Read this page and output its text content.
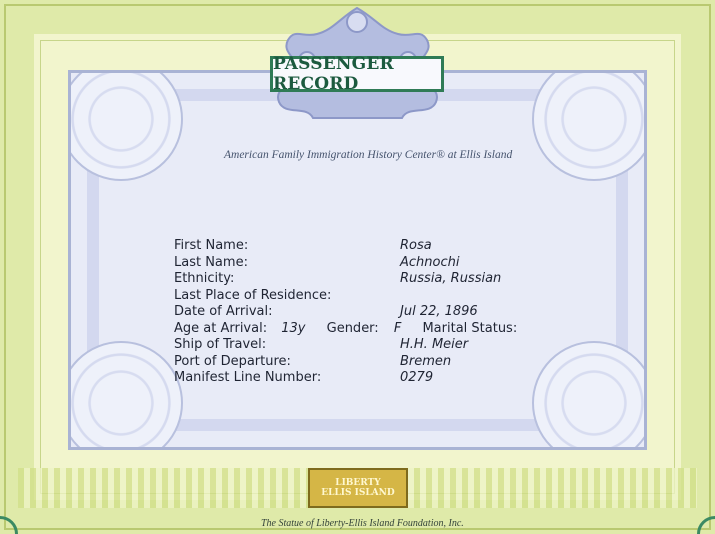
PASSENGER RECORD
American Family Immigration History Center® at Ellis Island
First Name:	Rosa
Last Name:	Achnochi
Ethnicity:	Russia, Russian
Last Place of Residence:
Date of Arrival:	Jul 22, 1896
Age at Arrival: 13y Gender: F Marital Status:
Ship of Travel:	H.H. Meier
Port of Departure:	Bremen
Manifest Line Number:	0279
LIBERTY
ELLIS ISLAND
The Statue of Liberty-Ellis Island Foundation, Inc.
